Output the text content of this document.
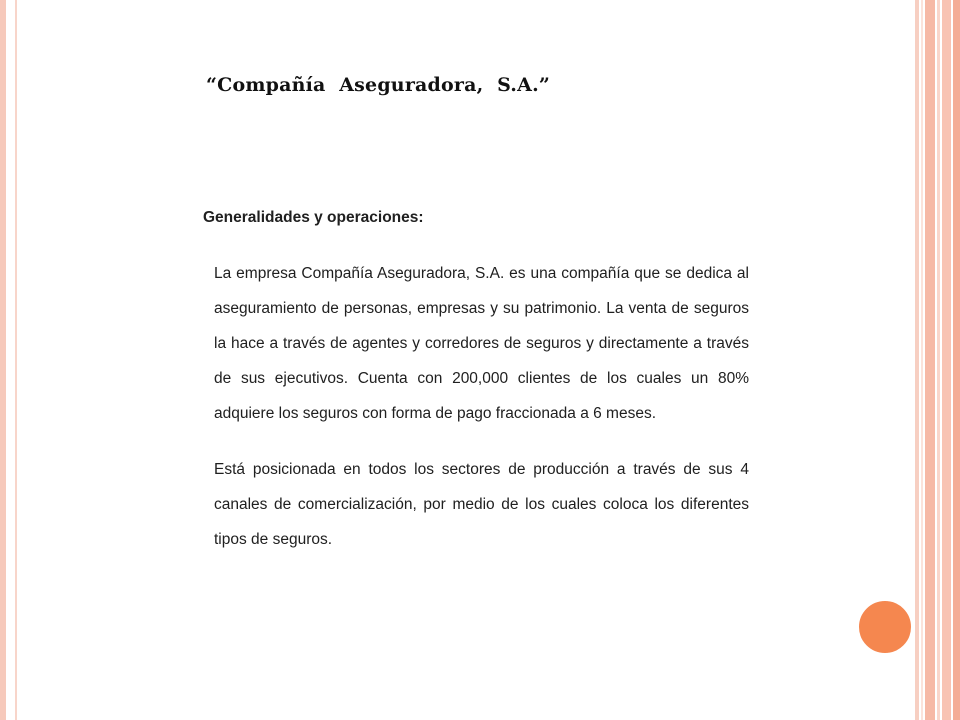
“Compañía  Aseguradora,  S.A.”

Generalidades y operaciones:

La empresa Compañía Aseguradora, S.A. es una compañía que se dedica al aseguramiento de personas, empresas y su patrimonio. La venta de seguros la hace a través de agentes y corredores de seguros y directamente a través de sus ejecutivos. Cuenta con 200,000 clientes de los cuales un 80% adquiere los seguros con forma de pago fraccionada a 6 meses.

Está posicionada en todos los sectores de producción a través de sus 4 canales de comercialización, por medio de los cuales coloca los diferentes tipos de seguros.
